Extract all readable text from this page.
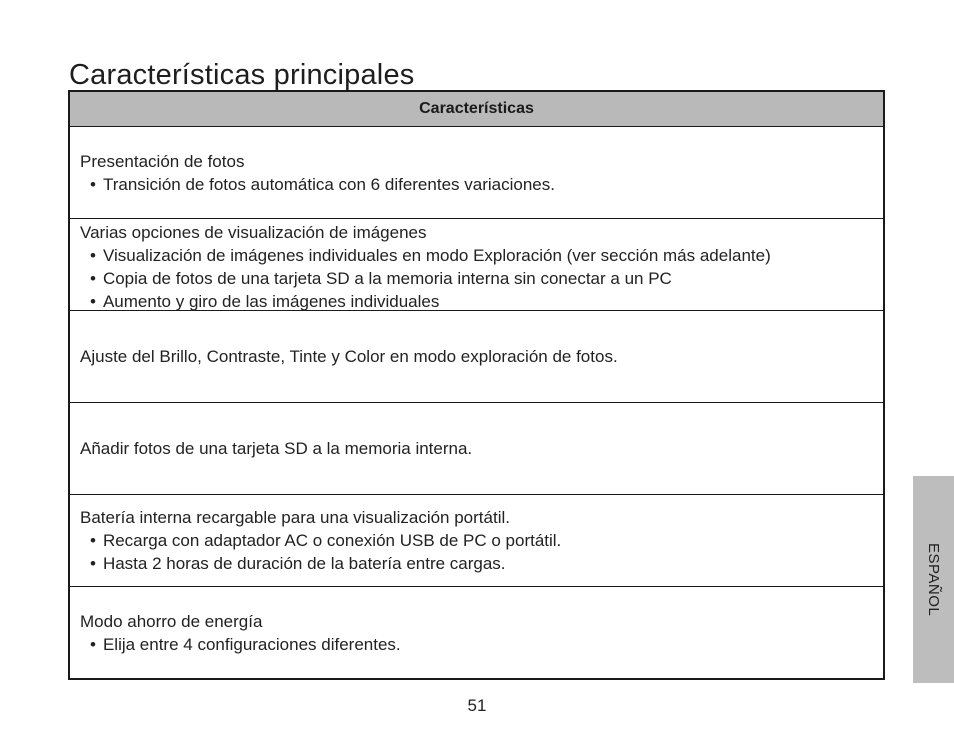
Características principales
Características
Presentación de fotos
• Transición de fotos automática con 6 diferentes variaciones.
Varias opciones de visualización de imágenes
• Visualización de imágenes individuales en modo Exploración (ver sección más adelante)
• Copia de fotos de una tarjeta SD a la memoria interna sin conectar a un PC
• Aumento y giro de las imágenes individuales
Ajuste del Brillo, Contraste, Tinte y Color en modo exploración de fotos.
Añadir fotos de una tarjeta SD a la memoria interna.
Batería interna recargable para una visualización portátil.
• Recarga con adaptador AC o conexión USB de PC o portátil.
• Hasta 2 horas de duración de la batería entre cargas.
Modo ahorro de energía
• Elija entre 4 configuraciones diferentes.
51
ESPAÑOL
